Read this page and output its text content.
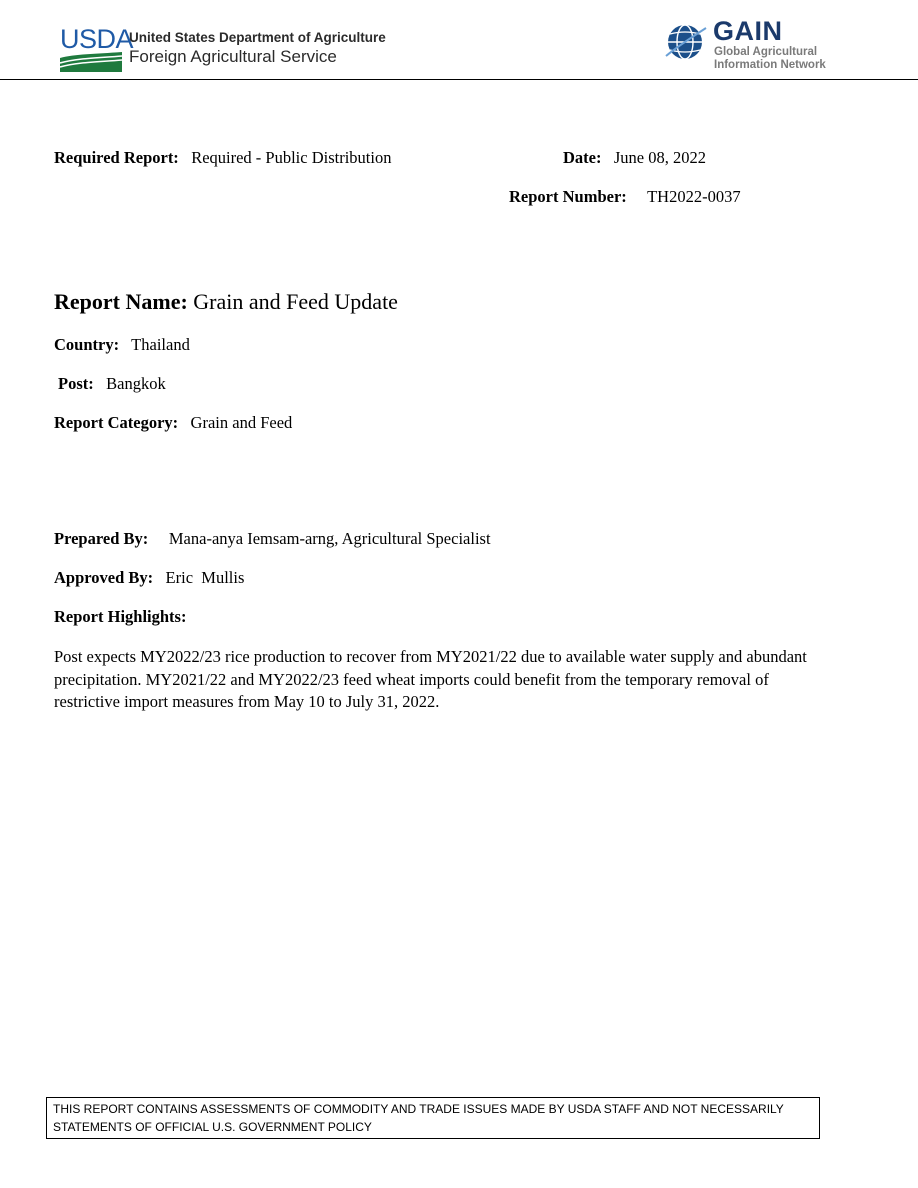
USDA
United States Department of Agriculture
Foreign Agricultural Service
GAIN
Global Agricultural
Information Network
Required Report: Required - Public Distribution	Date: June 08, 2022
Report Number: TH2022-0037
Report Name: Grain and Feed Update
Country: Thailand
Post: Bangkok
Report Category: Grain and Feed
Prepared By: Mana-anya Iemsam-arng, Agricultural Specialist
Approved By: Eric  Mullis
Report Highlights:
Post expects MY2022/23 rice production to recover from MY2021/22 due to available water supply and abundant precipitation. MY2021/22 and MY2022/23 feed wheat imports could benefit from the temporary removal of restrictive import measures from May 10 to July 31, 2022.
THIS REPORT CONTAINS ASSESSMENTS OF COMMODITY AND TRADE ISSUES MADE BY USDA STAFF AND NOT NECESSARILY STATEMENTS OF OFFICIAL U.S. GOVERNMENT POLICY
